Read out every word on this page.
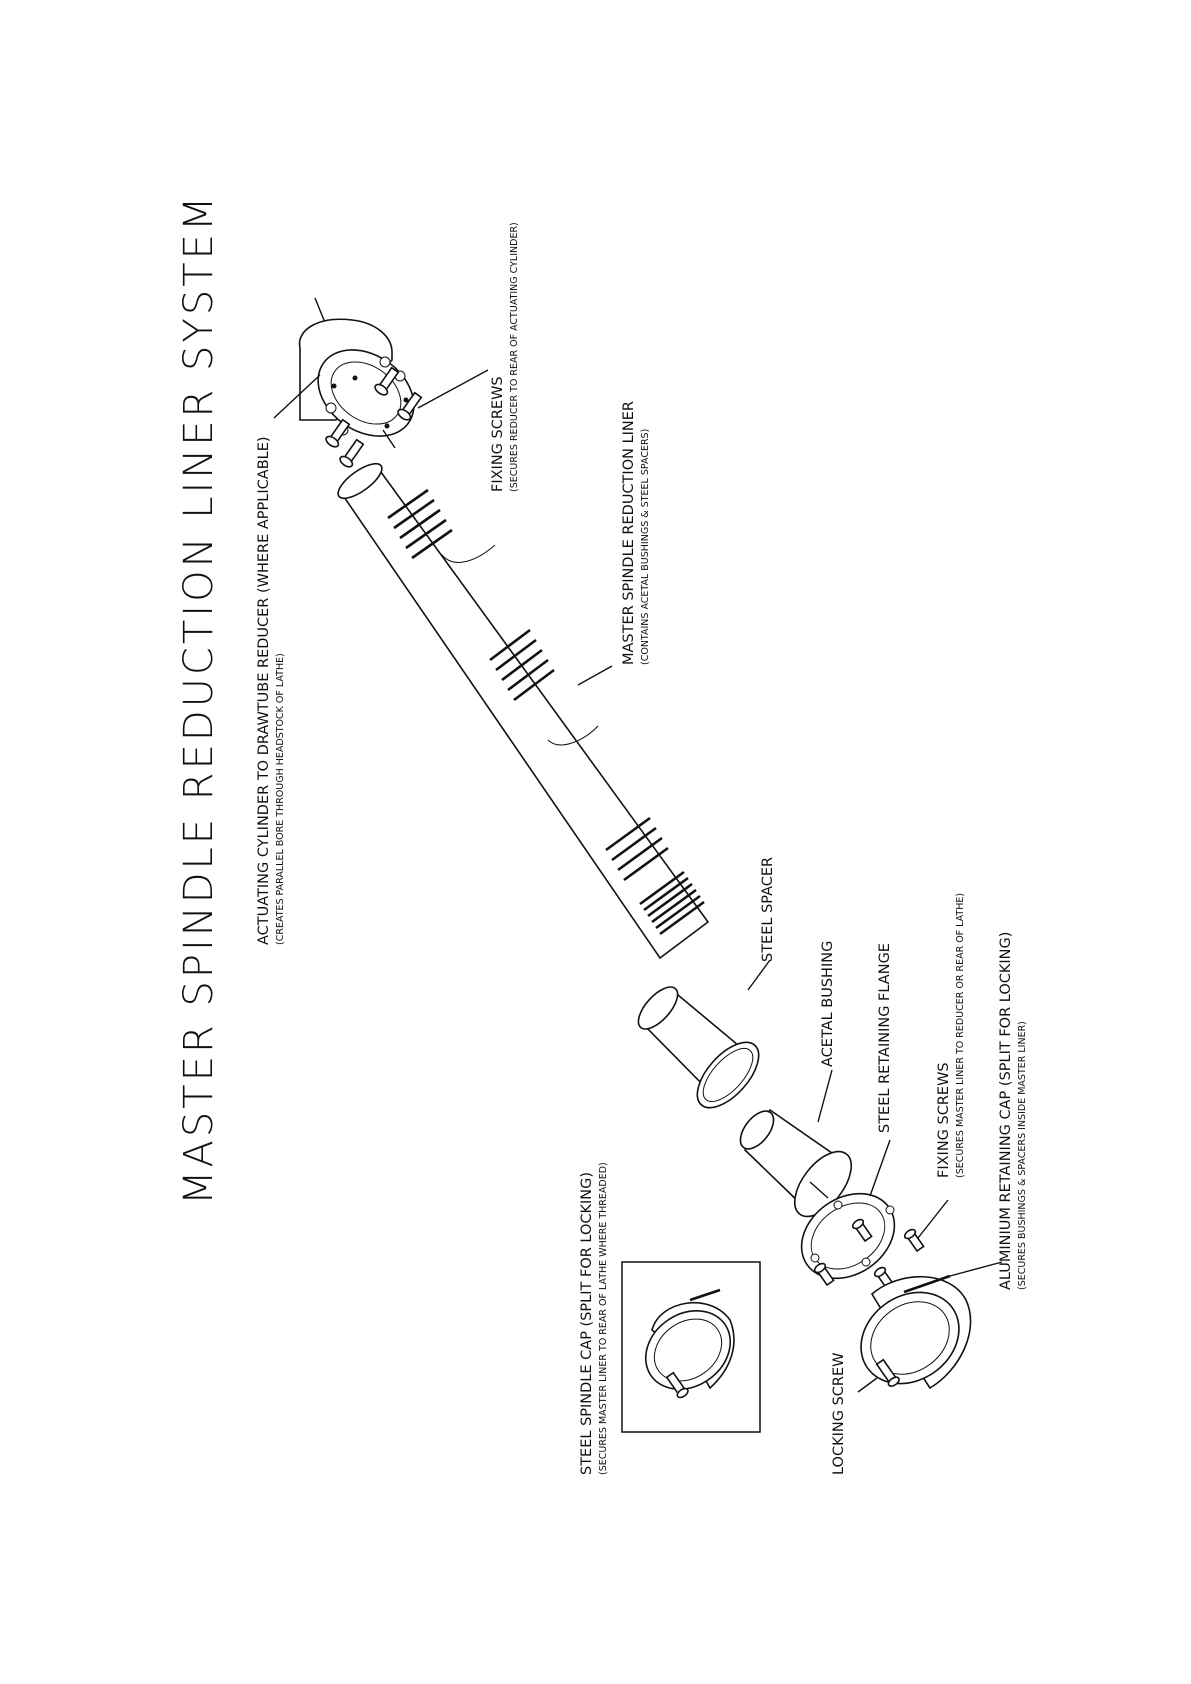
MASTER SPINDLE REDUCTION LINER SYSTEM ACTUATING CYLINDER TO DRAWTUBE REDUCER (WHERE APPLICABLE) (CREATES PARALLEL BORE THROUGH HEADSTOCK OF LATHE)
FIXING SCREWS (SECURES REDUCER TO REAR OF ACTUATING CYLINDER)
MASTER SPINDLE REDUCTION LINER (CONTAINS ACETAL BUSHINGS & STEEL SPACERS)
STEEL SPACER
ACETAL BUSHING	STEEL RETAINING FLANGE	FIXING SCREWS (SECURES MASTER LINER TO REDUCER OR REAR OF LATHE) ALUMINIUM RETAINING CAP (SPLIT FOR LOCKING) (SECURES BUSHINGS & SPACERS INSIDE MASTER LINER)
STEEL SPINDLE CAP (SPLIT FOR LOCKING) (SECURES MASTER LINER TO REAR OF LATHE WHERE THREADED)	LOCKING SCREW
